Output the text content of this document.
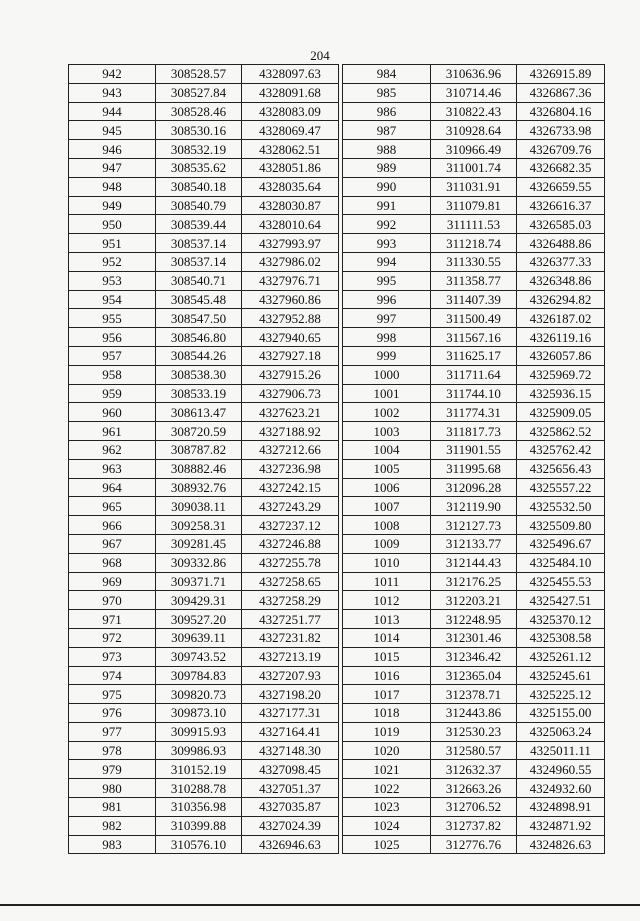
204
942	308528.57	4328097.63
943	308527.84	4328091.68
944	308528.46	4328083.09
945	308530.16	4328069.47
946	308532.19	4328062.51
947	308535.62	4328051.86
948	308540.18	4328035.64
949	308540.79	4328030.87
950	308539.44	4328010.64
951	308537.14	4327993.97
952	308537.14	4327986.02
953	308540.71	4327976.71
954	308545.48	4327960.86
955	308547.50	4327952.88
956	308546.80	4327940.65
957	308544.26	4327927.18
958	308538.30	4327915.26
959	308533.19	4327906.73
960	308613.47	4327623.21
961	308720.59	4327188.92
962	308787.82	4327212.66
963	308882.46	4327236.98
964	308932.76	4327242.15
965	309038.11	4327243.29
966	309258.31	4327237.12
967	309281.45	4327246.88
968	309332.86	4327255.78
969	309371.71	4327258.65
970	309429.31	4327258.29
971	309527.20	4327251.77
972	309639.11	4327231.82
973	309743.52	4327213.19
974	309784.83	4327207.93
975	309820.73	4327198.20
976	309873.10	4327177.31
977	309915.93	4327164.41
978	309986.93	4327148.30
979	310152.19	4327098.45
980	310288.78	4327051.37
981	310356.98	4327035.87
982	310399.88	4327024.39
983	310576.10	4326946.63
984	310636.96	4326915.89
985	310714.46	4326867.36
986	310822.43	4326804.16
987	310928.64	4326733.98
988	310966.49	4326709.76
989	311001.74	4326682.35
990	311031.91	4326659.55
991	311079.81	4326616.37
992	311111.53	4326585.03
993	311218.74	4326488.86
994	311330.55	4326377.33
995	311358.77	4326348.86
996	311407.39	4326294.82
997	311500.49	4326187.02
998	311567.16	4326119.16
999	311625.17	4326057.86
1000	311711.64	4325969.72
1001	311744.10	4325936.15
1002	311774.31	4325909.05
1003	311817.73	4325862.52
1004	311901.55	4325762.42
1005	311995.68	4325656.43
1006	312096.28	4325557.22
1007	312119.90	4325532.50
1008	312127.73	4325509.80
1009	312133.77	4325496.67
1010	312144.43	4325484.10
1011	312176.25	4325455.53
1012	312203.21	4325427.51
1013	312248.95	4325370.12
1014	312301.46	4325308.58
1015	312346.42	4325261.12
1016	312365.04	4325245.61
1017	312378.71	4325225.12
1018	312443.86	4325155.00
1019	312530.23	4325063.24
1020	312580.57	4325011.11
1021	312632.37	4324960.55
1022	312663.26	4324932.60
1023	312706.52	4324898.91
1024	312737.82	4324871.92
1025	312776.76	4324826.63
